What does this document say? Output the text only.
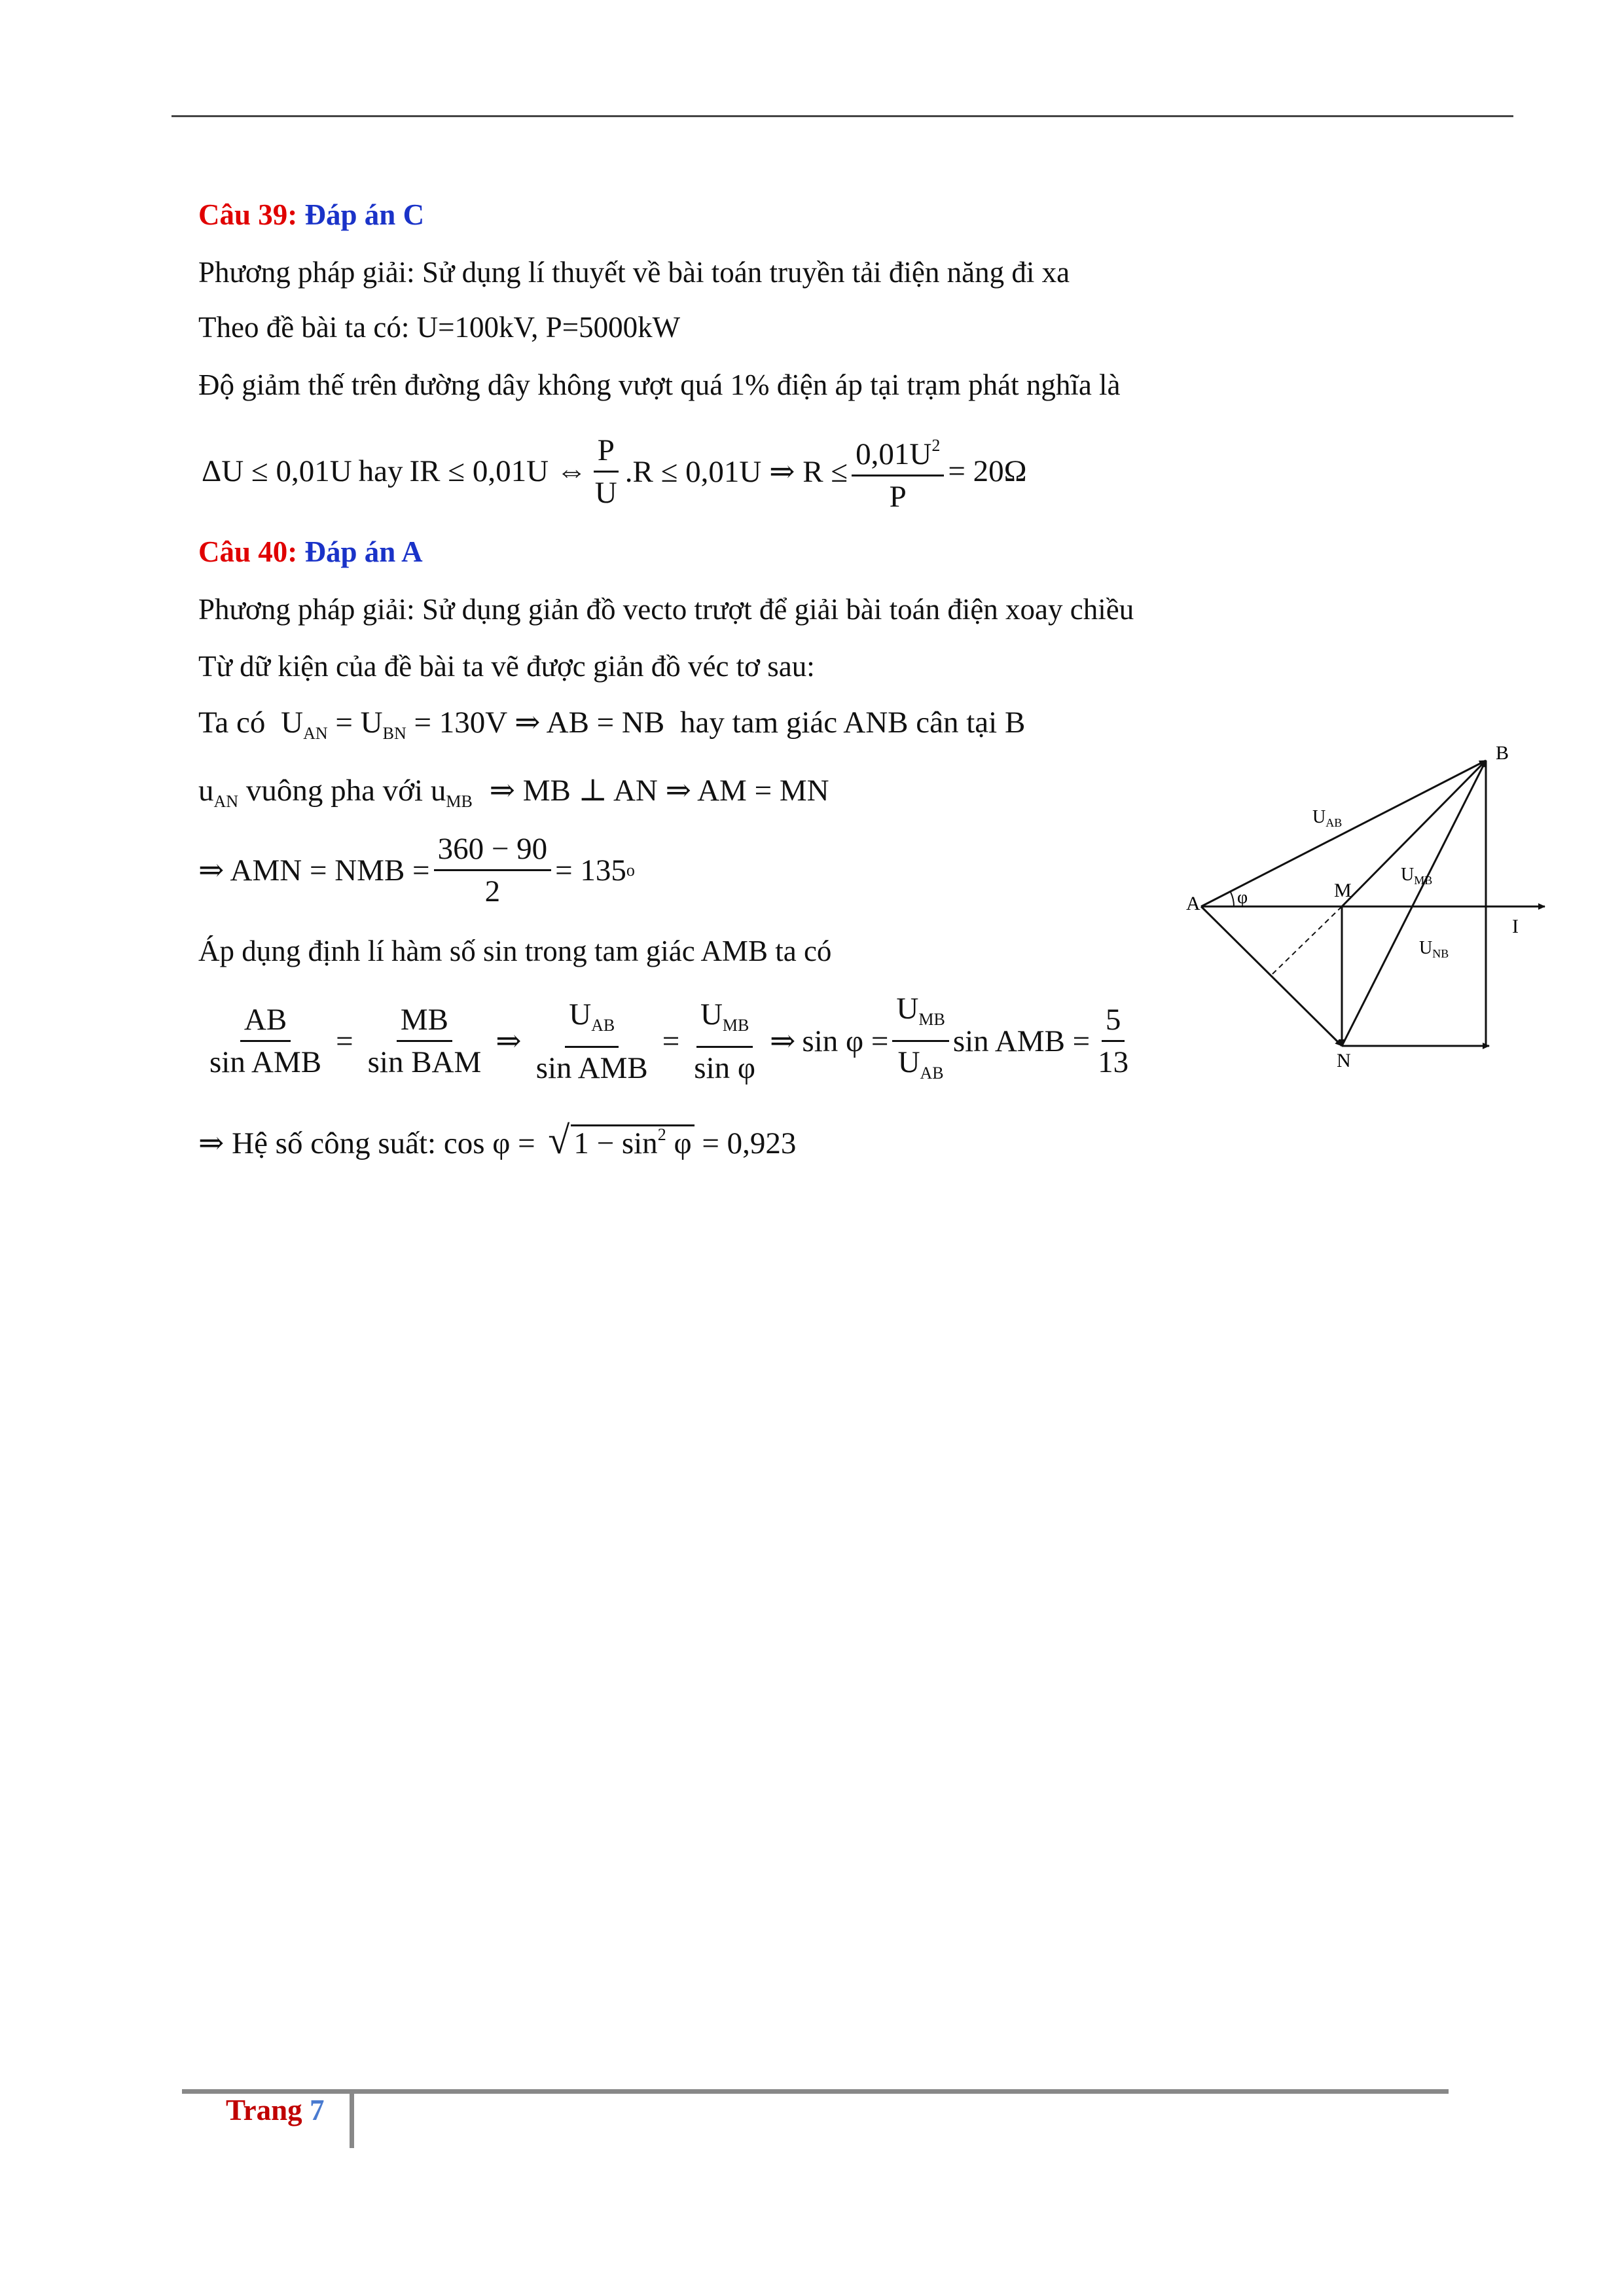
Câu 39: Đáp án C
Phương pháp giải: Sử dụng lí thuyết về bài toán truyền tải điện năng đi xa
Theo đề bài ta có: U=100kV, P=5000kW
Độ giảm thế trên đường dây không vượt quá 1% điện áp tại trạm phát nghĩa là
ΔU ≤ 0,01U hay IR ≤ 0,01U ⇔ $\frac{P}{U} .R \le 0,01U$ ⇒ $R \le \frac{0,01U^2}{P} = 20\Omega$
Câu 40: Đáp án A
Phương pháp giải: Sử dụng giản đồ vecto trượt để giải bài toán điện xoay chiều
Từ dữ kiện của đề bài ta vẽ được giản đồ véc tơ sau:
Ta có $U_{AN} = U_{BN} = 130V$ ⇒ AB = NB hay tam giác ANB cân tại B
$u_{AN}$ vuông pha với $u_{MB}$ ⇒ MB ⊥ AN ⇒ AM = MN
⇒ AMN = NMB = $\frac{360 - 90}{2} = 135$ o
Áp dụng định lí hàm số sin trong tam giác AMB ta có
$\frac{AB}{\text{sin AMB}} = \frac{MB}{\text{sin BAM}}$ ⇒ $\frac{U_{AB}}{\text{sin AMB}} = \frac{U_{MB}}{\text{sin φ}}$ ⇒ $\sin \varphi = \frac{U_{MB}}{U_{AB}}$ sin AMB = $\frac{5}{13}$
⇒ Hệ số công suất: cos φ = √ $1 - \sin^2 \varphi = 0,923$
A
B
M
N
I
φ
$U_{AB}$
$U_{MB}$
$U_{NB}$
Trang 7
